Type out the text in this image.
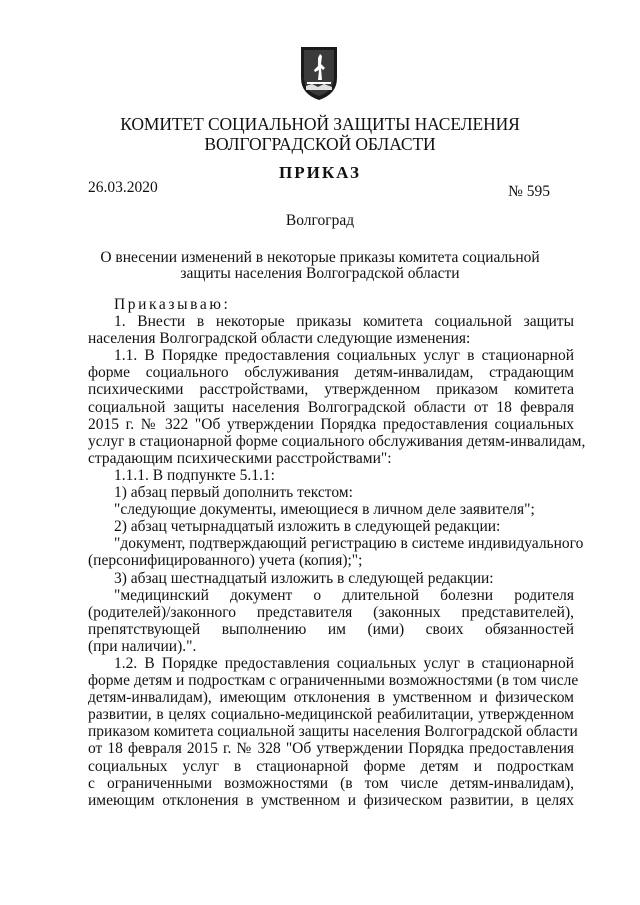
КОМИТЕТ СОЦИАЛЬНОЙ ЗАЩИТЫ НАСЕЛЕНИЯ
ВОЛГОГРАДСКОЙ ОБЛАСТИ
ПРИКАЗ
26.03.2020	№ 595
Волгоград
О внесении изменений в некоторые приказы комитета социальной
защиты населения Волгоградской области

Приказываю:

1. Внести в некоторые приказы комитета социальной защиты

населения Волгоградской области следующие изменения:

1.1. В Порядке предоставления социальных услуг в стационарной

форме социального обслуживания детям-инвалидам, страдающим

психическими расстройствами, утвержденном приказом комитета

социальной защиты населения Волгоградской области от 18 февраля

2015 г. № 322 "Об утверждении Порядка предоставления социальных

услуг в стационарной форме социального обслуживания детям-инвалидам,

страдающим психическими расстройствами":

1.1.1. В подпункте 5.1.1:

1) абзац первый дополнить текстом:

"следующие документы, имеющиеся в личном деле заявителя";

2) абзац четырнадцатый изложить в следующей редакции:

"документ, подтверждающий регистрацию в системе индивидуального

(персонифицированного) учета (копия);";

3) абзац шестнадцатый изложить в следующей редакции:

"медицинский документ о длительной болезни родителя

(родителей)/законного представителя (законных представителей),

препятствующей выполнению им (ими) своих обязанностей

(при наличии).".

1.2. В Порядке предоставления социальных услуг в стационарной

форме детям и подросткам с ограниченными возможностями (в том числе

детям-инвалидам), имеющим отклонения в умственном и физическом

развитии, в целях социально-медицинской реабилитации, утвержденном

приказом комитета социальной защиты населения Волгоградской области

от 18 февраля 2015 г. № 328 "Об утверждении Порядка предоставления

социальных услуг в стационарной форме детям и подросткам

с ограниченными возможностями (в том числе детям-инвалидам),

имеющим отклонения в умственном и физическом развитии, в целях
